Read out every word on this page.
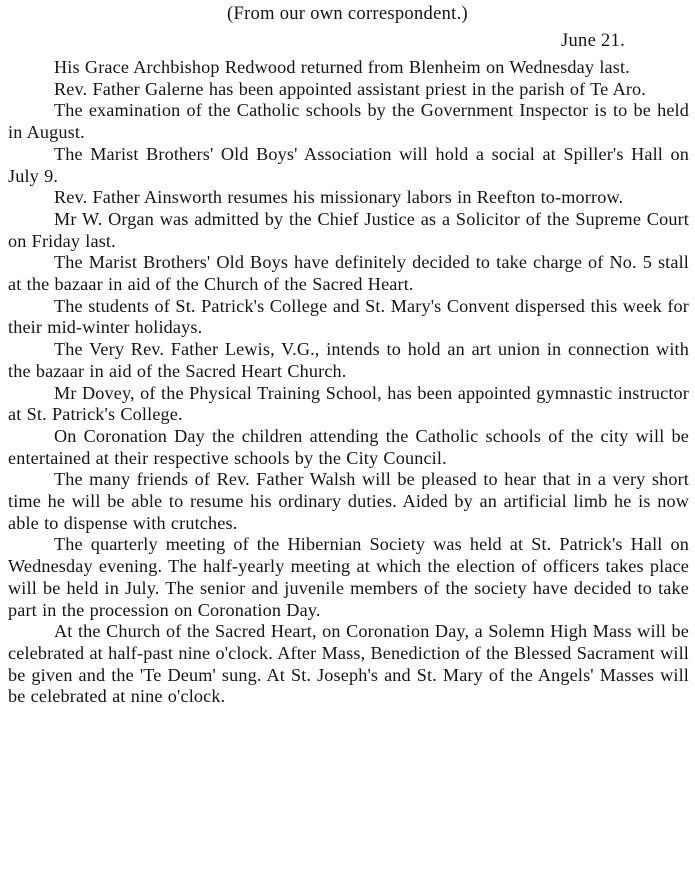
(From our own correspondent.)
June 21.

His Grace Archbishop Redwood returned from Blenheim on Wednesday last.

Rev. Father Galerne has been appointed assistant priest in the parish of Te Aro.

The examination of the Catholic schools by the Government Inspector is to be held in August.

The Marist Brothers' Old Boys' Association will hold a social at Spiller's Hall on July 9.

Rev. Father Ainsworth resumes his missionary labors in Reefton to-morrow.

Mr W. Organ was admitted by the Chief Justice as a Solicitor of the Supreme Court on Friday last.

The Marist Brothers' Old Boys have definitely decided to take charge of No. 5 stall at the bazaar in aid of the Church of the Sacred Heart.

The students of St. Patrick's College and St. Mary's Convent dispersed this week for their mid-winter holidays.

The Very Rev. Father Lewis, V.G., intends to hold an art union in connection with the bazaar in aid of the Sacred Heart Church.

Mr Dovey, of the Physical Training School, has been appointed gymnastic instructor at St. Patrick's College.

On Coronation Day the children attending the Catholic schools of the city will be entertained at their respective schools by the City Council.

The many friends of Rev. Father Walsh will be pleased to hear that in a very short time he will be able to resume his ordinary duties. Aided by an artificial limb he is now able to dispense with crutches.

The quarterly meeting of the Hibernian Society was held at St. Patrick's Hall on Wednesday evening. The half-yearly meeting at which the election of officers takes place will be held in July. The senior and juvenile members of the society have decided to take part in the procession on Coronation Day.

At the Church of the Sacred Heart, on Coronation Day, a Solemn High Mass will be celebrated at half-past nine o'clock. After Mass, Benediction of the Blessed Sacrament will be given and the 'Te Deum' sung. At St. Joseph's and St. Mary of the Angels' Masses will be celebrated at nine o'clock.
